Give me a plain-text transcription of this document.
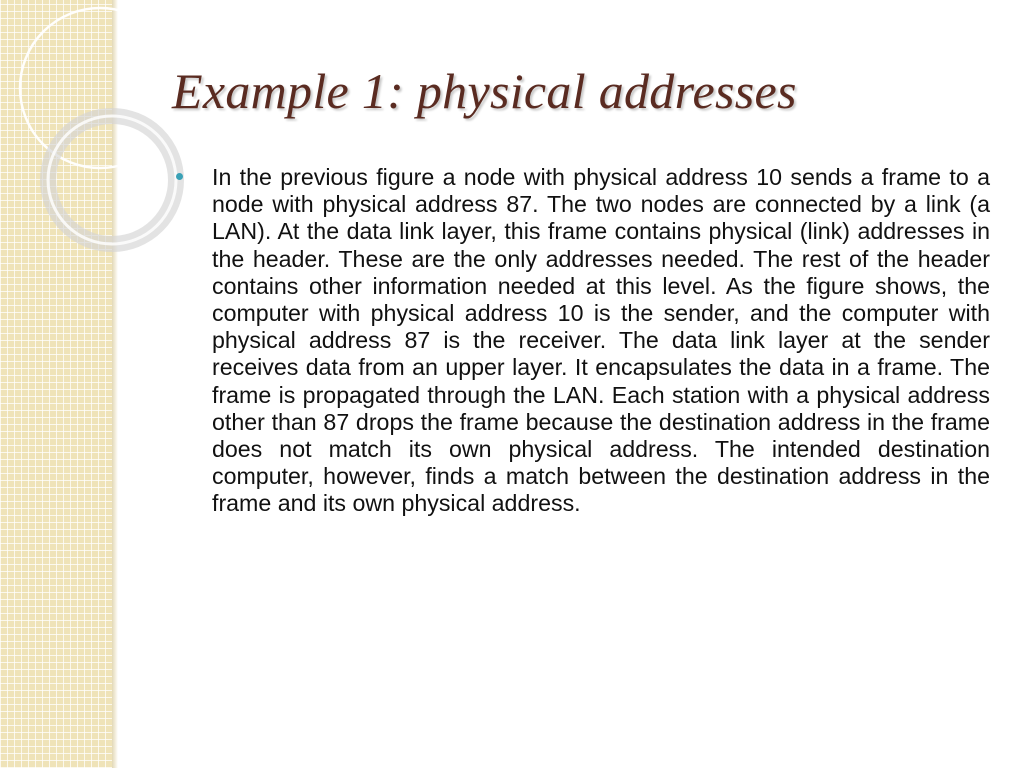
Example 1: physical addresses

In the previous figure a node with physical address 10 sends a frame to a node with physical address 87. The two nodes are connected by a link (a LAN). At the data link layer, this frame contains physical (link) addresses in the header. These are the only addresses needed. The rest of the header contains other information needed at this level. As the figure shows, the computer with physical address 10 is the sender, and the computer with physical address 87 is the receiver. The data link layer at the sender receives data from an upper layer. It encapsulates the data in a frame. The frame is propagated through the LAN. Each station with a physical address other than 87 drops the frame because the destination address in the frame does not match its own physical address. The intended destination computer, however, finds a match between the destination address in the frame and its own physical address.
